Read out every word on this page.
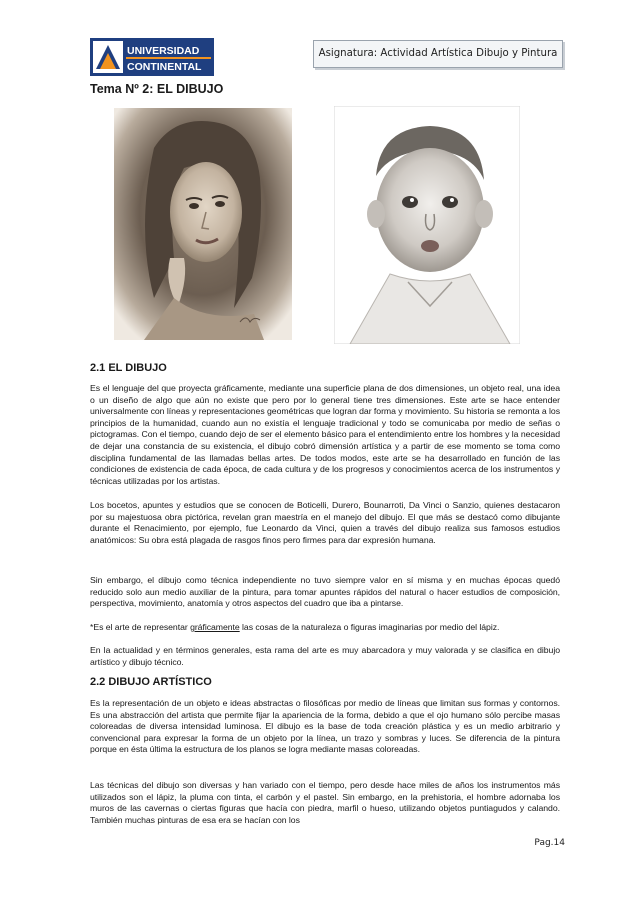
UNIVERSIDAD
CONTINENTAL
Asignatura: Actividad Artística Dibujo y Pintura
Tema Nº 2: EL DIBUJO
2.1 EL DIBUJO

Es el lenguaje del que proyecta gráficamente, mediante una superficie plana de dos dimensiones, un objeto real, una idea o un diseño de algo que aún no existe que pero por lo general tiene tres dimensiones. Este arte se hace entender universalmente con líneas y representaciones geométricas que logran dar forma y movimiento. Su historia se remonta a los principios de la humanidad, cuando aun no existía el lenguaje tradicional y todo se comunicaba por medio de señas o pictogramas. Con el tiempo, cuando dejo de ser el elemento básico para el entendimiento entre los hombres y la necesidad de dejar una constancia de su existencia, el dibujo cobró dimensión artística y a partir de ese momento se toma como disciplina fundamental de las llamadas bellas artes. De todos modos, este arte se ha desarrollado en función de las condiciones de existencia de cada época, de cada cultura y de los progresos y conocimientos acerca de los instrumentos y técnicas utilizadas por los artistas.

Los bocetos, apuntes y estudios que se conocen de Boticelli, Durero, Bounarroti, Da Vinci o Sanzio, quienes destacaron por su majestuosa obra pictórica, revelan gran maestría en el manejo del dibujo. El que más se destacó como dibujante durante el Renacimiento, por ejemplo, fue Leonardo da Vinci, quien a través del dibujo realiza sus famosos estudios anatómicos: Su obra está plagada de rasgos finos pero firmes para dar expresión humana.

Sin embargo, el dibujo como técnica independiente no tuvo siempre valor en sí misma y en muchas épocas quedó reducido solo aun medio auxiliar de la pintura, para tomar apuntes rápidos del natural o hacer estudios de composición, perspectiva, movimiento, anatomía y otros aspectos del cuadro que iba a pintarse.

*Es el arte de representar gráficamente las cosas de la naturaleza o figuras imaginarias por medio del lápiz.

En la actualidad y en términos generales, esta rama del arte es muy abarcadora y muy valorada y se clasifica en dibujo artístico y dibujo técnico.

2.2 DIBUJO ARTÍSTICO

Es la representación de un objeto e ideas abstractas o filosóficas por medio de líneas que limitan sus formas y contornos. Es una abstracción del artista que permite fijar la apariencia de la forma, debido a que el ojo humano sólo percibe masas coloreadas de diversa intensidad luminosa. El dibujo es la base de toda creación plástica y es un medio arbitrario y convencional para expresar la forma de un objeto por la línea, un trazo y sombras y luces. Se diferencia de la pintura porque en ésta última la estructura de los planos se logra mediante masas coloreadas.

Las técnicas del dibujo son diversas y han variado con el tiempo, pero desde hace miles de años los instrumentos más utilizados son el lápiz, la pluma con tinta, el carbón y el pastel. Sin embargo, en la prehistoria, el hombre adornaba los muros de las cavernas o ciertas figuras que hacía con piedra, marfil o hueso, utilizando objetos puntiagudos y calando. También muchas pinturas de esa era se hacían con los

Pag.14
